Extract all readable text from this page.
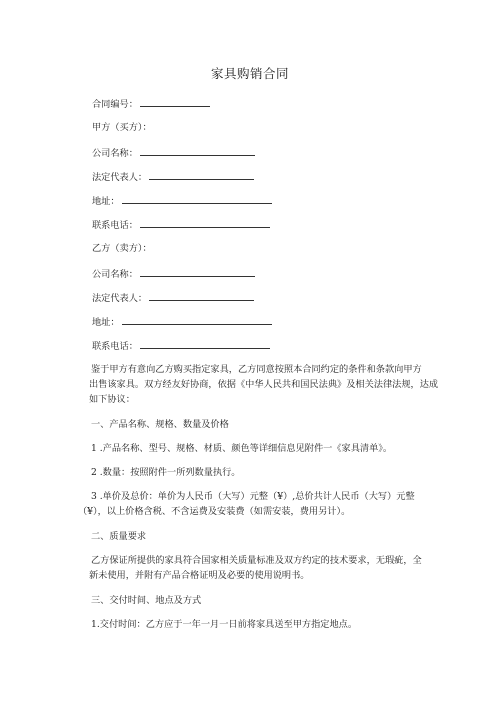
家具购销合同
合同编号：
甲方（买方）：
公司名称：
法定代表人：
地址：
联系电话：
乙方（卖方）：
公司名称：
法定代表人：
地址：
联系电话：
鉴于甲方有意向乙方购买指定家具，乙方同意按照本合同约定的条件和条款向甲方
出售该家具。双方经友好协商，依据《中华人民共和国民法典》及相关法律法规，达成
如下协议：
一、产品名称、规格、数量及价格
1 .产品名称、型号、规格、材质、颜色等详细信息见附件一《家具清单》。
2 .数量：按照附件一所列数量执行。
3 .单价及总价：单价为人民币（大写）元整（¥）,总价共计人民币（大写）元整
（¥），以上价格含税、不含运费及安装费（如需安装，费用另计）。
二、质量要求
乙方保证所提供的家具符合国家相关质量标准及双方约定的技术要求，无瑕疵，全
新未使用，并附有产品合格证明及必要的使用说明书。
三、交付时间、地点及方式
1.交付时间：乙方应于一年一月一日前将家具送至甲方指定地点。
